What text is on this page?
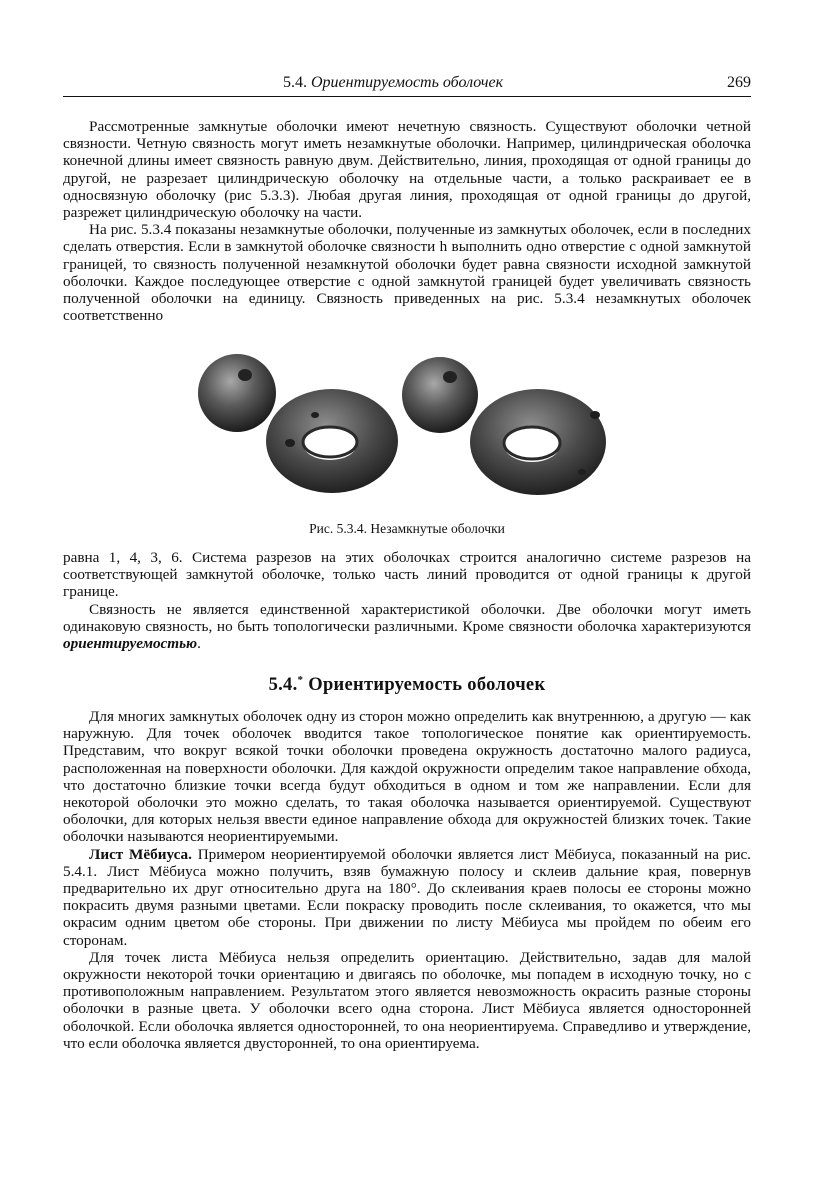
5.4. Ориентируемость оболочек	269

Рассмотренные замкнутые оболочки имеют нечетную связность. Существуют оболочки четной связности. Четную связность могут иметь незамкнутые оболочки. Например, цилиндрическая оболочка конечной длины имеет связность равную двум. Действительно, линия, проходящая от одной границы до другой, не разрезает цилиндрическую оболочку на отдельные части, а только раскраивает ее в односвязную оболочку (рис 5.3.3). Любая другая линия, проходящая от одной границы до другой, разрежет цилиндрическую оболочку на части.

На рис. 5.3.4 показаны незамкнутые оболочки, полученные из замкнутых оболочек, если в последних сделать отверстия. Если в замкнутой оболочке связности h выполнить одно отверстие с одной замкнутой границей, то связность полученной незамкнутой оболочки будет равна связности исходной замкнутой оболочки. Каждое последующее отверстие с одной замкнутой границей будет увеличивать связность полученной оболочки на единицу. Связность приведенных на рис. 5.3.4 незамкнутых оболочек соответственно

Рис. 5.3.4. Незамкнутые оболочки

равна 1, 4, 3, 6. Система разрезов на этих оболочках строится аналогично системе разрезов на соответствующей замкнутой оболочке, только часть линий проводится от одной границы к другой границе.

Связность не является единственной характеристикой оболочки. Две оболочки могут иметь одинаковую связность, но быть топологически различными. Кроме связности оболочка характеризуются ориентируемостью.

5.4.* Ориентируемость оболочек

Для многих замкнутых оболочек одну из сторон можно определить как внутреннюю, а другую — как наружную. Для точек оболочек вводится такое топологическое понятие как ориентируемость. Представим, что вокруг всякой точки оболочки проведена окружность достаточно малого радиуса, расположенная на поверхности оболочки. Для каждой окружности определим такое направление обхода, что достаточно близкие точки всегда будут обходиться в одном и том же направлении. Если для некоторой оболочки это можно сделать, то такая оболочка называется ориентируемой. Существуют оболочки, для которых нельзя ввести единое направление обхода для окружностей близких точек. Такие оболочки называются неориентируемыми.

Лист Мёбиуса. Примером неориентируемой оболочки является лист Мёбиуса, показанный на рис. 5.4.1. Лист Мёбиуса можно получить, взяв бумажную полосу и склеив дальние края, повернув предварительно их друг относительно друга на 180°. До склеивания краев полосы ее стороны можно покрасить двумя разными цветами. Если покраску проводить после склеивания, то окажется, что мы окрасим одним цветом обе стороны. При движении по листу Мёбиуса мы пройдем по обеим его сторонам.

Для точек листа Мёбиуса нельзя определить ориентацию. Действительно, задав для малой окружности некоторой точки ориентацию и двигаясь по оболочке, мы попадем в исходную точку, но с противоположным направлением. Результатом этого является невозможность окрасить разные стороны оболочки в разные цвета. У оболочки всего одна сторона. Лист Мёбиуса является односторонней оболочкой. Если оболочка является односторонней, то она неориентируема. Справедливо и утверждение, что если оболочка является двусторонней, то она ориентируема.
